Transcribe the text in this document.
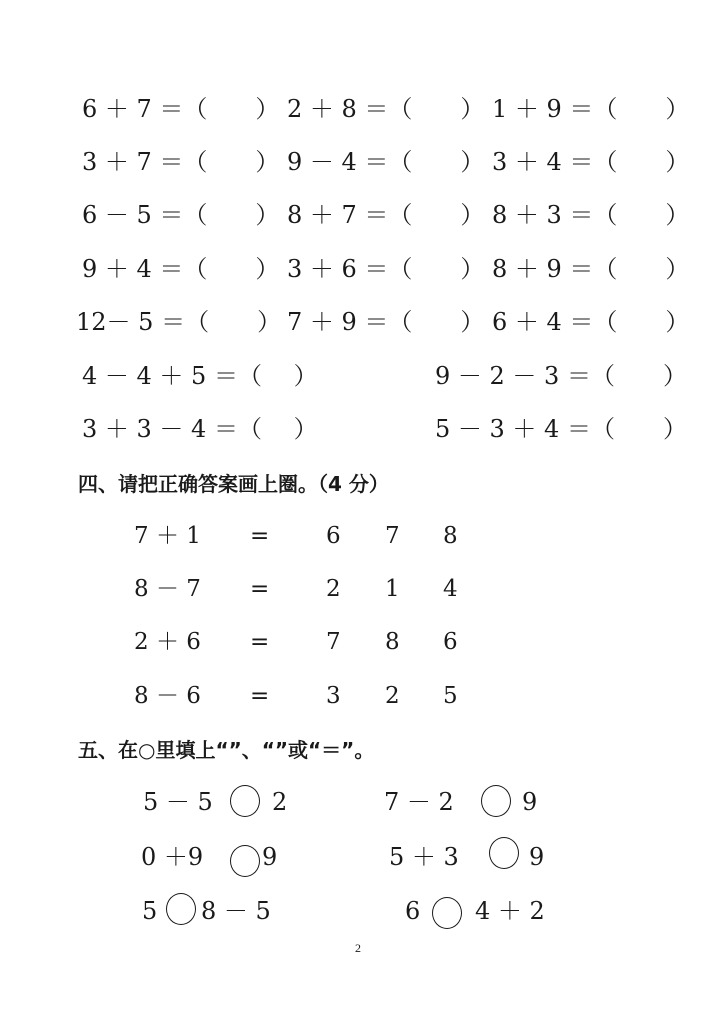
6 ＋ 7 ＝（　　） 2 ＋ 8 ＝（　　） 1 ＋ 9 ＝（　　）
3 ＋ 7 ＝（　　） 9 － 4 ＝（　　） 3 ＋ 4 ＝（　　）
6 － 5 ＝（　　） 8 ＋ 7 ＝（　　） 8 ＋ 3 ＝（　　）
9 ＋ 4 ＝（　　） 3 ＋ 6 ＝（　　） 8 ＋ 9 ＝（　　）
12－ 5 ＝（　　） 7 ＋ 9 ＝（　　） 6 ＋ 4 ＝（　　）
4 － 4 ＋ 5 ＝（　 ）	9 － 2 － 3 ＝（　　）
3 ＋ 3 － 4 ＝（　 ）	5 － 3 ＋ 4 ＝（　　）
四、请把正确答案画上圈。（4 分）
7 ＋ 1 = 6 7 8
8 － 7 = 2 1 4
2 ＋ 6 = 7 8 6
8 － 6 = 3 2 5
五、在○里填上“”、“”或“＝”。
5 － 5 2	7 － 2	9
0 ＋9 9	5 ＋ 3	9
5 8 － 5	6 4 ＋ 2
2
